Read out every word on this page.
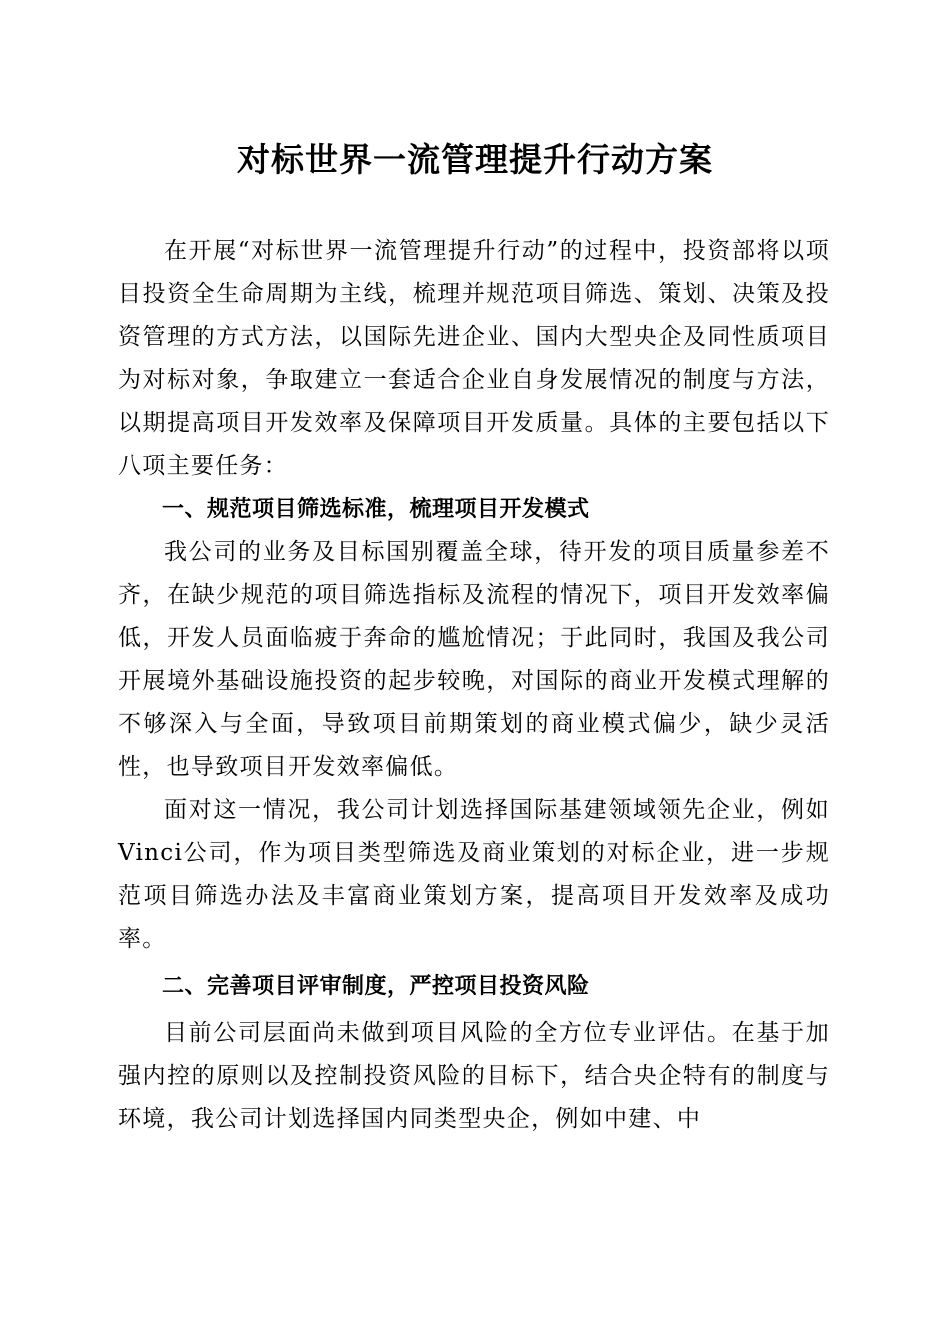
对标世界一流管理提升行动方案

在开展“对标世界一流管理提升行动”的过程中，投资部将以项目投资全生命周期为主线，梳理并规范项目筛选、策划、决策及投资管理的方式方法，以国际先进企业、国内大型央企及同性质项目为对标对象，争取建立一套适合企业自身发展情况的制度与方法，以期提高项目开发效率及保障项目开发质量。具体的主要包括以下八项主要任务：

一、规范项目筛选标准，梳理项目开发模式

我公司的业务及目标国别覆盖全球，待开发的项目质量参差不齐，在缺少规范的项目筛选指标及流程的情况下，项目开发效率偏低，开发人员面临疲于奔命的尴尬情况；于此同时，我国及我公司开展境外基础设施投资的起步较晚，对国际的商业开发模式理解的不够深入与全面，导致项目前期策划的商业模式偏少，缺少灵活性，也导致项目开发效率偏低。

面对这一情况，我公司计划选择国际基建领域领先企业，例如Vinci公司，作为项目类型筛选及商业策划的对标企业，进一步规范项目筛选办法及丰富商业策划方案，提高项目开发效率及成功率。

二、完善项目评审制度，严控项目投资风险

目前公司层面尚未做到项目风险的全方位专业评估。在基于加强内控的原则以及控制投资风险的目标下，结合央企特有的制度与环境，我公司计划选择国内同类型央企，例如中建、中
